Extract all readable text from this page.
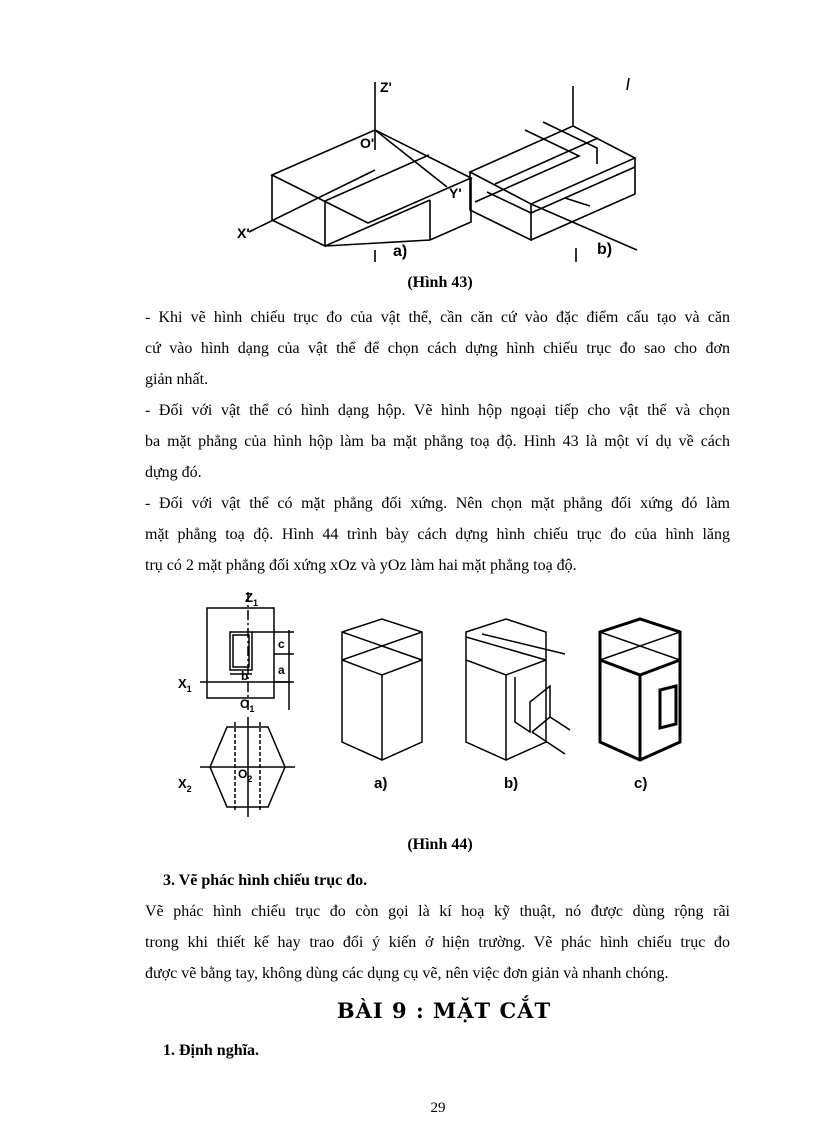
Z'
O'
Y'
X'
a)	b)
(Hình 43)

- Khi vẽ hình chiếu trục đo của vật thể, cần căn cứ vào đặc điểm cấu tạo và căn
cứ vào hình dạng của vật thể để chọn cách dựng hình chiếu trục đo sao cho đơn
giản nhất.

- Đối với vật thể có hình dạng hộp. Vẽ hình hộp ngoại tiếp cho vật thể và chọn
ba mặt phẳng của hình hộp làm ba mặt phẳng toạ độ. Hình 43 là một ví dụ về cách
dựng đó.

- Đối với vật thể có mặt phẳng đối xứng. Nên chọn mặt phẳng đối xứng đó làm
mặt phẳng toạ độ. Hình 44 trình bày cách dựng hình chiếu trục đo của hình lăng
trụ có 2 mặt phẳng đối xứng xOz và yOz làm hai mặt phẳng toạ độ.

$Z_1$
$X_1$
$O_1$
$X_2$
$O_2$
b
c
a
a)	b)	c)
(Hình 44)
3. Vẽ phác hình chiếu trục đo.

Vẽ phác hình chiếu trục đo còn gọi là kí hoạ kỹ thuật, nó được dùng rộng rãi
trong khi thiết kế hay trao đổi ý kiến ở hiện trường. Vẽ phác hình chiếu trục đo
được vẽ bằng tay, không dùng các dụng cụ vẽ, nên việc đơn giản và nhanh chóng.

BÀI 9 : MẶT CẮT
1. Định nghĩa.
29
